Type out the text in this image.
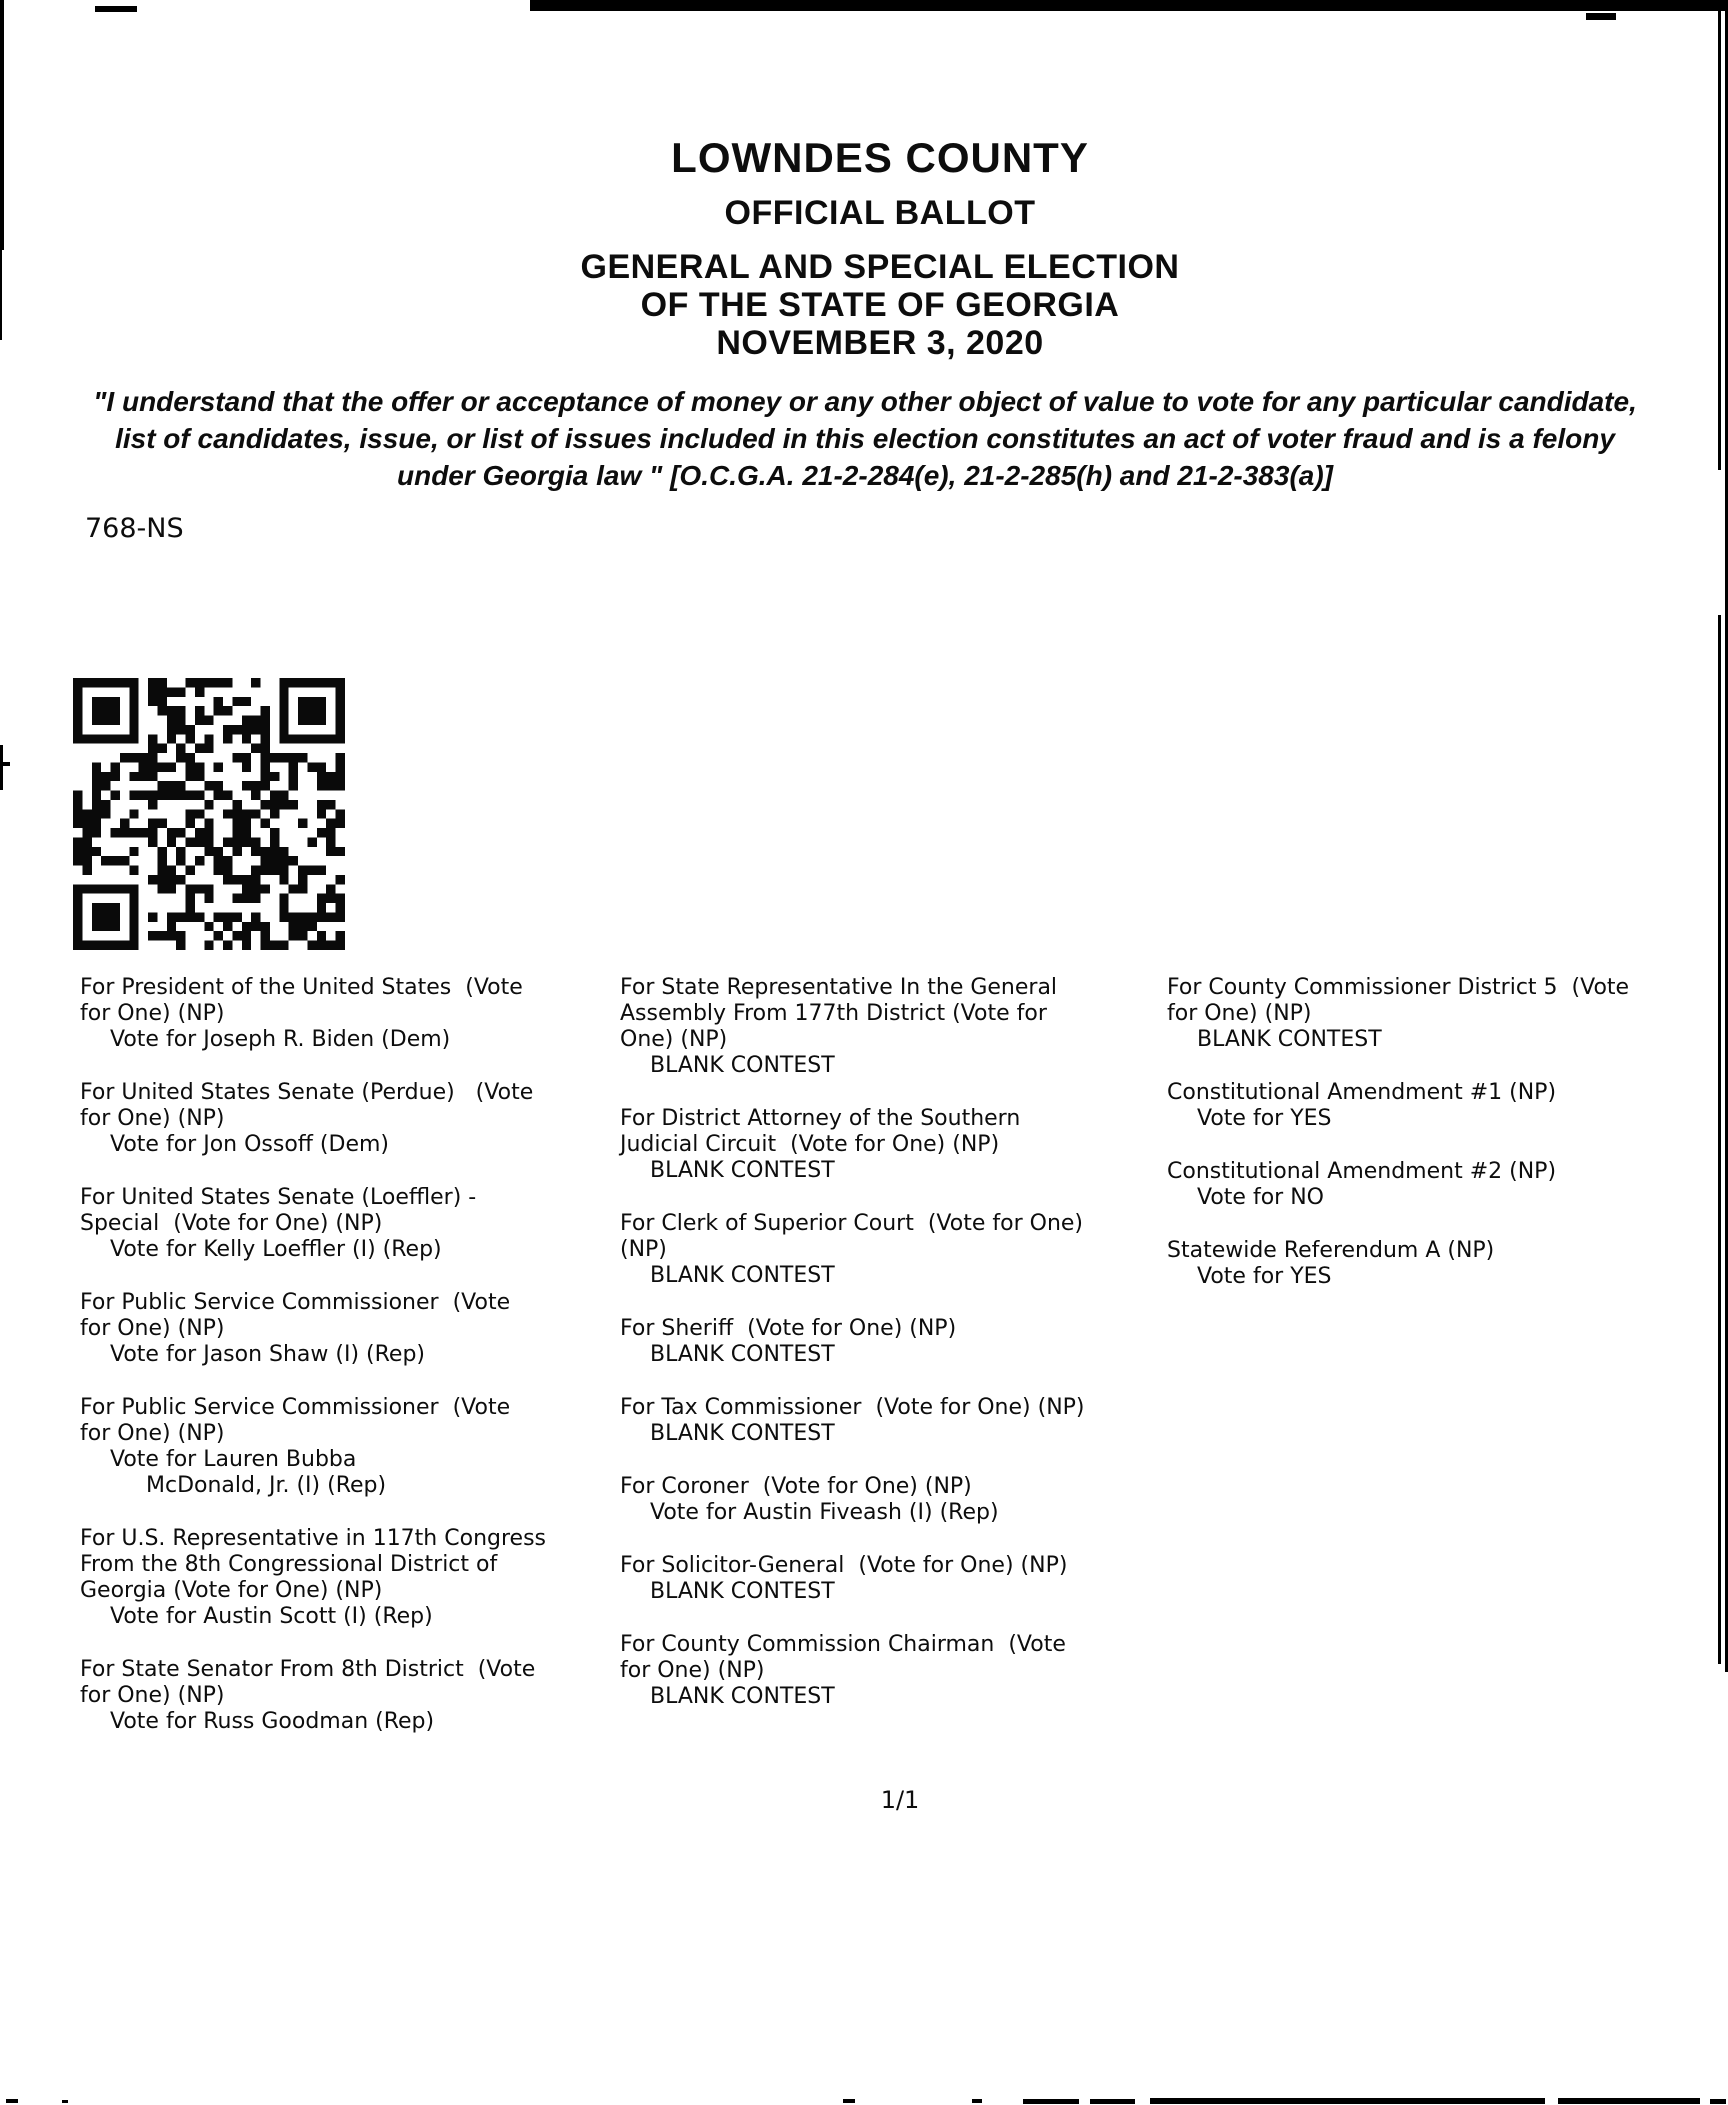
LOWNDES COUNTY
OFFICIAL BALLOT
GENERAL AND SPECIAL ELECTION
OF THE STATE OF GEORGIA
NOVEMBER 3, 2020
"I understand that the offer or acceptance of money or any other object of value to vote for any particular candidate,
list of candidates, issue, or list of issues included in this election constitutes an act of voter fraud and is a felony
under Georgia law " [O.C.G.A. 21-2-284(e), 21-2-285(h) and 21-2-383(a)]
768-NS
For President of the United States  (Vote
for One) (NP)
Vote for Joseph R. Biden (Dem)
For United States Senate (Perdue)   (Vote
for One) (NP)
Vote for Jon Ossoff (Dem)
For United States Senate (Loeffler) -
Special  (Vote for One) (NP)
Vote for Kelly Loeffler (I) (Rep)
For Public Service Commissioner  (Vote
for One) (NP)
Vote for Jason Shaw (I) (Rep)
For Public Service Commissioner  (Vote
for One) (NP)
Vote for Lauren Bubba
McDonald, Jr. (I) (Rep)
For U.S. Representative in 117th Congress
From the 8th Congressional District of
Georgia (Vote for One) (NP)
Vote for Austin Scott (I) (Rep)
For State Senator From 8th District  (Vote
for One) (NP)
Vote for Russ Goodman (Rep)
For State Representative In the General
Assembly From 177th District (Vote for
One) (NP)
BLANK CONTEST
For District Attorney of the Southern
Judicial Circuit  (Vote for One) (NP)
BLANK CONTEST
For Clerk of Superior Court  (Vote for One)
(NP)
BLANK CONTEST
For Sheriff  (Vote for One) (NP)
BLANK CONTEST
For Tax Commissioner  (Vote for One) (NP)
BLANK CONTEST
For Coroner  (Vote for One) (NP)
Vote for Austin Fiveash (I) (Rep)
For Solicitor-General  (Vote for One) (NP)
BLANK CONTEST
For County Commission Chairman  (Vote
for One) (NP)
BLANK CONTEST
For County Commissioner District 5  (Vote
for One) (NP)
BLANK CONTEST
Constitutional Amendment #1 (NP)
Vote for YES
Constitutional Amendment #2 (NP)
Vote for NO
Statewide Referendum A (NP)
Vote for YES
1/1
